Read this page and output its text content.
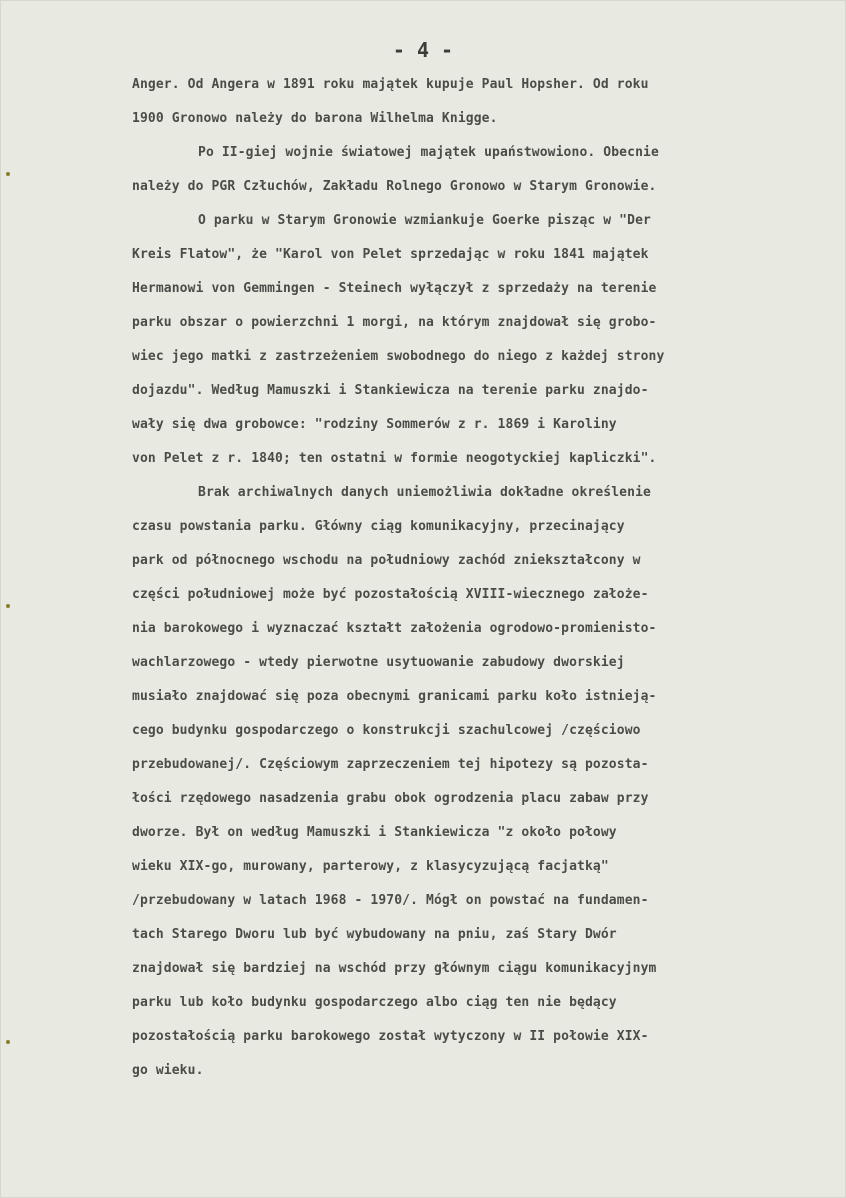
- 4 -
Anger. Od Angera w 1891 roku majątek kupuje Paul Hopsher. Od roku
1900 Gronowo należy do barona Wilhelma Knigge.
Po II-giej wojnie światowej majątek upaństwowiono. Obecnie
należy do PGR Człuchów, Zakładu Rolnego Gronowo w Starym Gronowie.
O parku w Starym Gronowie wzmiankuje Goerke pisząc w "Der
Kreis Flatow", że "Karol von Pelet sprzedając w roku 1841 majątek
Hermanowi von Gemmingen - Steinech wyłączył z sprzedaży na terenie
parku obszar o powierzchni 1 morgi, na którym znajdował się grobo-
wiec jego matki z zastrzeżeniem swobodnego do niego z każdej strony
dojazdu". Według Mamuszki i Stankiewicza na terenie parku znajdo-
wały się dwa grobowce: "rodziny Sommerów z r. 1869 i Karoliny
von Pelet z r. 1840; ten ostatni w formie neogotyckiej kapliczki".
Brak archiwalnych danych uniemożliwia dokładne określenie
czasu powstania parku. Główny ciąg komunikacyjny, przecinający
park od północnego wschodu na południowy zachód zniekształcony w
części południowej może być pozostałością XVIII-wiecznego założe-
nia barokowego i wyznaczać kształt założenia ogrodowo-promienisto-
wachlarzowego - wtedy pierwotne usytuowanie zabudowy dworskiej
musiało znajdować się poza obecnymi granicami parku koło istnieją-
cego budynku gospodarczego o konstrukcji szachulcowej /częściowo
przebudowanej/. Częściowym zaprzeczeniem tej hipotezy są pozosta-
łości rzędowego nasadzenia grabu obok ogrodzenia placu zabaw przy
dworze. Był on według Mamuszki i Stankiewicza "z około połowy
wieku XIX-go, murowany, parterowy, z klasycyzującą facjatką"
/przebudowany w latach 1968 - 1970/. Mógł on powstać na fundamen-
tach Starego Dworu lub być wybudowany na pniu, zaś Stary Dwór
znajdował się bardziej na wschód przy głównym ciągu komunikacyjnym
parku lub koło budynku gospodarczego albo ciąg ten nie będący
pozostałością parku barokowego został wytyczony w II połowie XIX-
go wieku.
